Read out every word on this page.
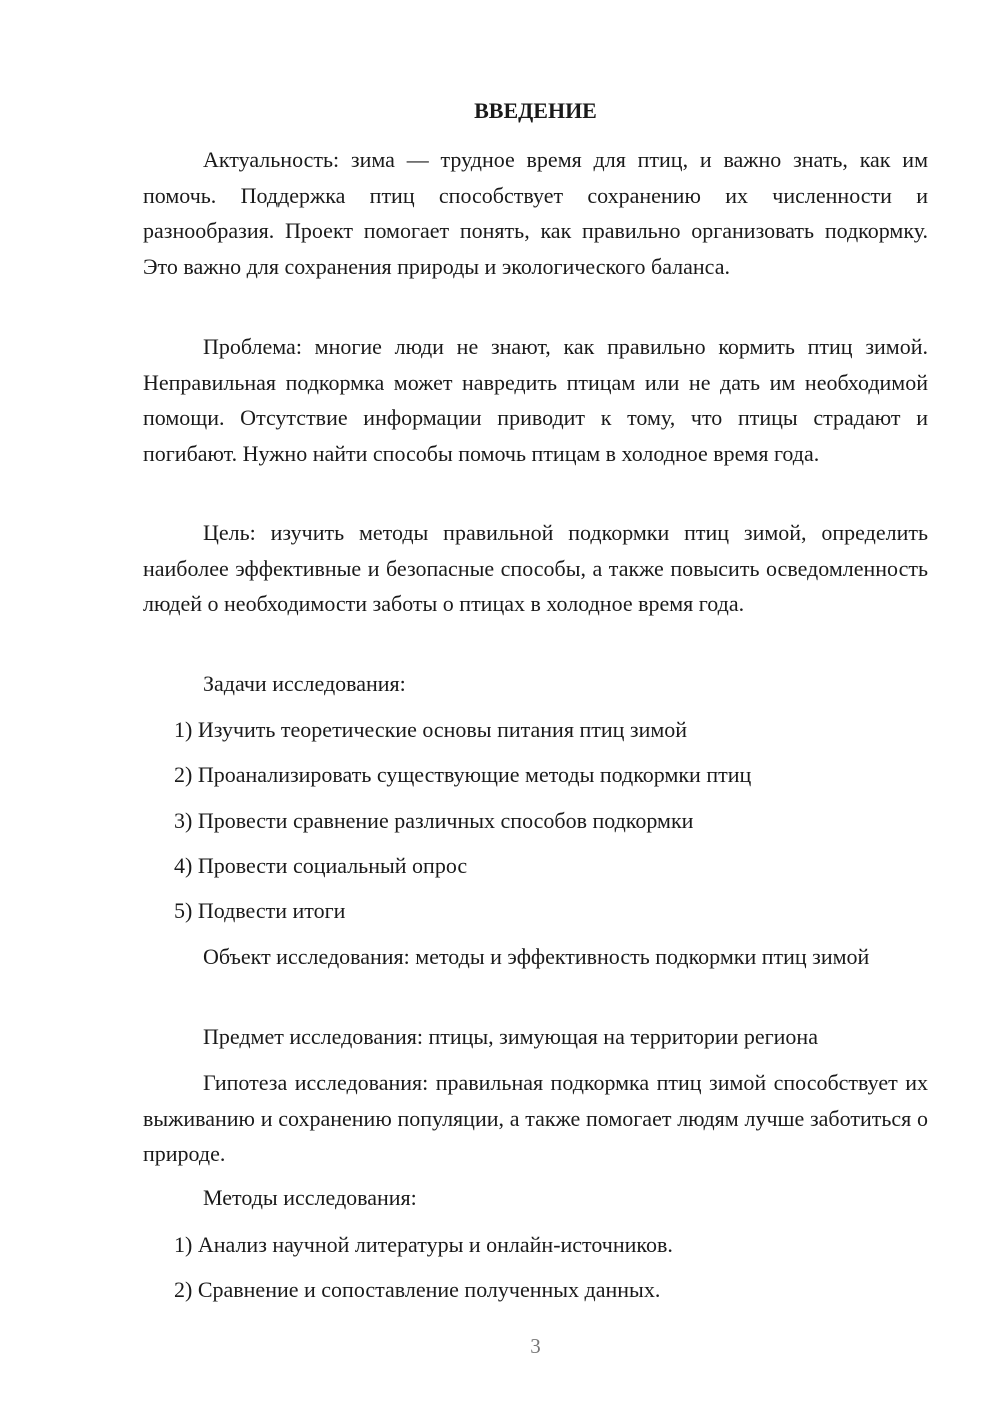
ВВЕДЕНИЕ

Актуальность: зима — трудное время для птиц, и важно знать, как им помочь. Поддержка птиц способствует сохранению их численности и разнообразия. Проект помогает понять, как правильно организовать подкормку. Это важно для сохранения природы и экологического баланса.

Проблема: многие люди не знают, как правильно кормить птиц зимой. Неправильная подкормка может навредить птицам или не дать им необходимой помощи. Отсутствие информации приводит к тому, что птицы страдают и погибают. Нужно найти способы помочь птицам в холодное время года.

Цель: изучить методы правильной подкормки птиц зимой, определить наиболее эффективные и безопасные способы, а также повысить осведомленность людей о необходимости заботы о птицах в холодное время года.

Задачи исследования:

1) Изучить теоретические основы питания птиц зимой

2) Проанализировать существующие методы подкормки птиц

3) Провести сравнение различных способов подкормки

4) Провести социальный опрос

5) Подвести итоги

Объект исследования: методы и эффективность подкормки птиц зимой

Предмет исследования: птицы, зимующая на территории региона

Гипотеза исследования: правильная подкормка птиц зимой способствует их выживанию и сохранению популяции, а также помогает людям лучше заботиться о природе.

Методы исследования:

1) Анализ научной литературы и онлайн-источников.

2) Сравнение и сопоставление полученных данных.

3
